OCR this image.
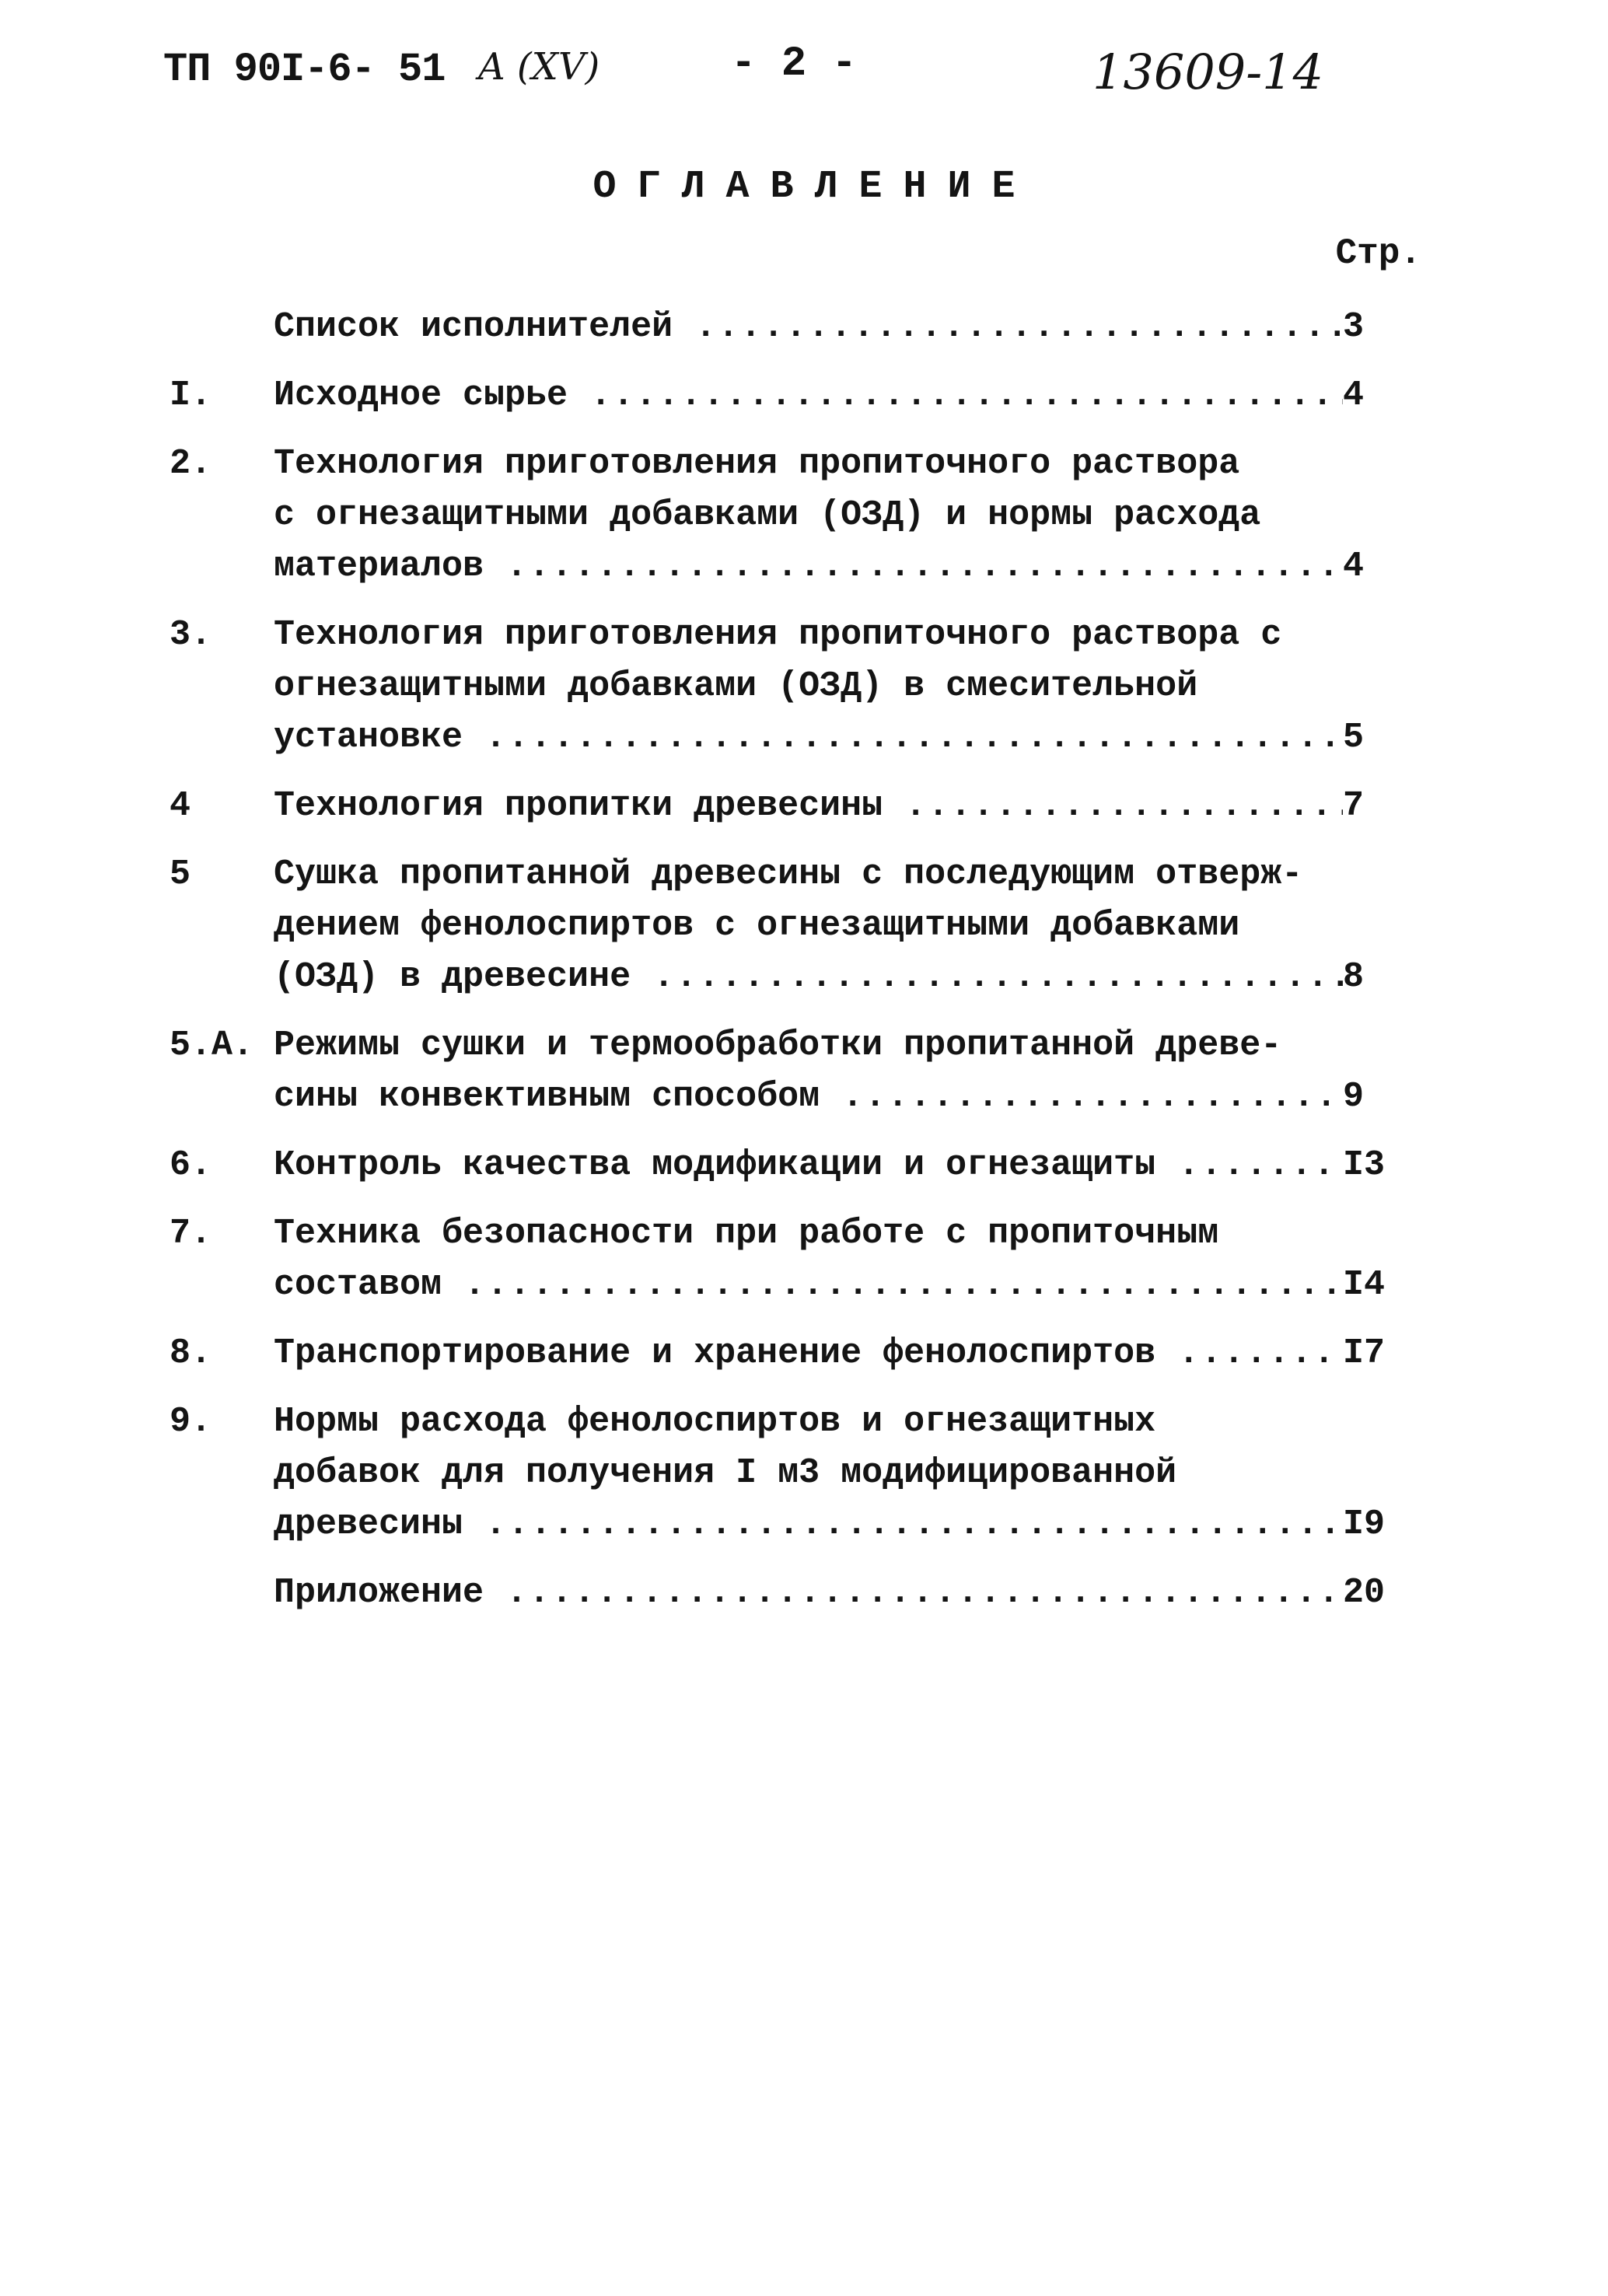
ТП 90I-6- 51 A (XV)	- 2 -	13609-14
ОГЛАВЛЕНИЕ
Стр.
Список исполнителей .....	3
I.	Исходное сырье .....	4
2.	Технология приготовления пропиточного раствора
с огнезащитными добавками (ОЗД) и нормы расхода
материалов .....	4
3.	Технология приготовления пропиточного раствора с
огнезащитными добавками (ОЗД) в смесительной
установке .....	5
4	Технология пропитки древесины .....	7
5	Сушка пропитанной древесины с последующим отверж-
дением фенолоспиртов с огнезащитными добавками
(ОЗД) в древесине .....	8
5.А. Режимы сушки и термообработки пропитанной древе-
сины конвективным способом .....	9
6.	Контроль качества модификации и огнезащиты .....	I3
7.	Техника безопасности при работе с пропиточным
составом .....	I4
8.	Транспортирование и хранение фенолоспиртов .....	I7
9.	Нормы расхода фенолоспиртов и огнезащитных
добавок для получения I м3 модифицированной
древесины .....	I9
Приложение .....	20
